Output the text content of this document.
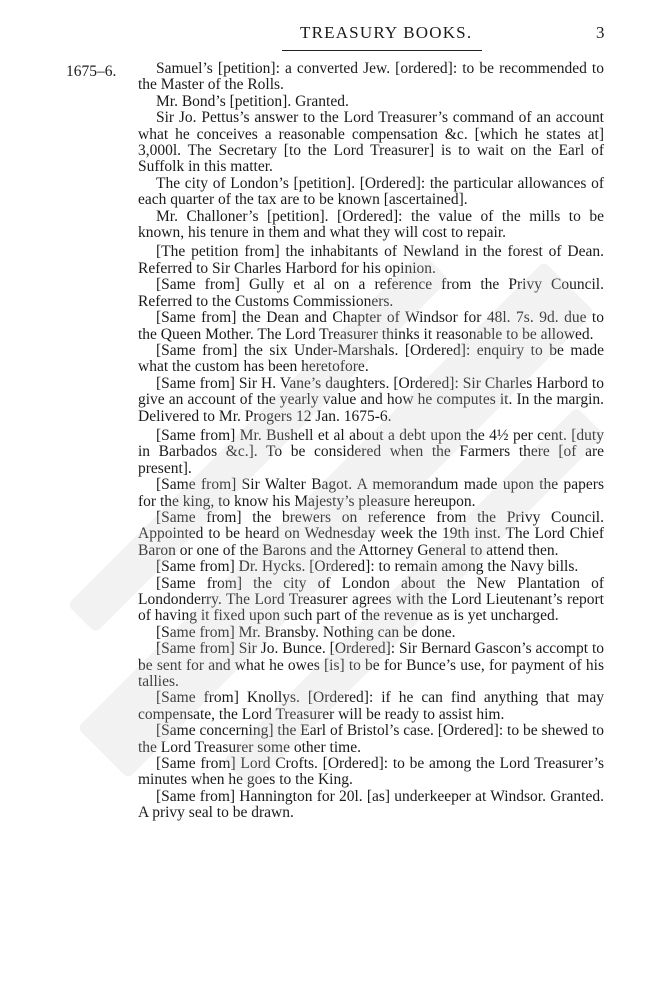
TREASURY BOOKS.	3
1675–6.	Samuel’s [petition]: a converted Jew. [ordered]: to be recommended to the Master of the Rolls.

Mr. Bond’s [petition]. Granted.

Sir Jo. Pettus’s answer to the Lord Treasurer’s command of an account what he conceives a reasonable compensation &c. [which he states at] 3,000l. The Secretary [to the Lord Treasurer] is to wait on the Earl of Suffolk in this matter.

The city of London’s [petition]. [Ordered]: the particular allowances of each quarter of the tax are to be known [ascertained].

Mr. Challoner’s [petition]. [Ordered]: the value of the mills to be known, his tenure in them and what they will cost to repair.

[The petition from] the inhabitants of Newland in the forest of Dean. Referred to Sir Charles Harbord for his opinion.

[Same from] Gully et al on a reference from the Privy Council. Referred to the Customs Commissioners.

[Same from] the Dean and Chapter of Windsor for 48l. 7s. 9d. due to the Queen Mother. The Lord Treasurer thinks it reasonable to be allowed.

[Same from] the six Under-Marshals. [Ordered]: enquiry to be made what the custom has been heretofore.

[Same from] Sir H. Vane’s daughters. [Ordered]: Sir Charles Harbord to give an account of the yearly value and how he computes it. In the margin. Delivered to Mr. Progers 12 Jan. 1675-6.

[Same from] Mr. Bushell et al about a debt upon the 4½ per cent. [duty in Barbados &c.]. To be considered when the Farmers there [of are present].

[Same from] Sir Walter Bagot. A memorandum made upon the papers for the king, to know his Majesty’s pleasure hereupon.

[Same from] the brewers on reference from the Privy Council. Appointed to be heard on Wednesday week the 19th inst. The Lord Chief Baron or one of the Barons and the Attorney General to attend then.

[Same from] Dr. Hycks. [Ordered]: to remain among the Navy bills.

[Same from] the city of London about the New Plantation of Londonderry. The Lord Treasurer agrees with the Lord Lieutenant’s report of having it fixed upon such part of the revenue as is yet uncharged.

[Same from] Mr. Bransby. Nothing can be done.

[Same from] Sir Jo. Bunce. [Ordered]: Sir Bernard Gascon’s accompt to be sent for and what he owes [is] to be for Bunce’s use, for payment of his tallies.

[Same from] Knollys. [Ordered]: if he can find anything that may compensate, the Lord Treasurer will be ready to assist him.

[Same concerning] the Earl of Bristol’s case. [Ordered]: to be shewed to the Lord Treasurer some other time.

[Same from] Lord Crofts. [Ordered]: to be among the Lord Treasurer’s minutes when he goes to the King.

[Same from] Hannington for 20l. [as] underkeeper at Windsor. Granted. A privy seal to be drawn.
